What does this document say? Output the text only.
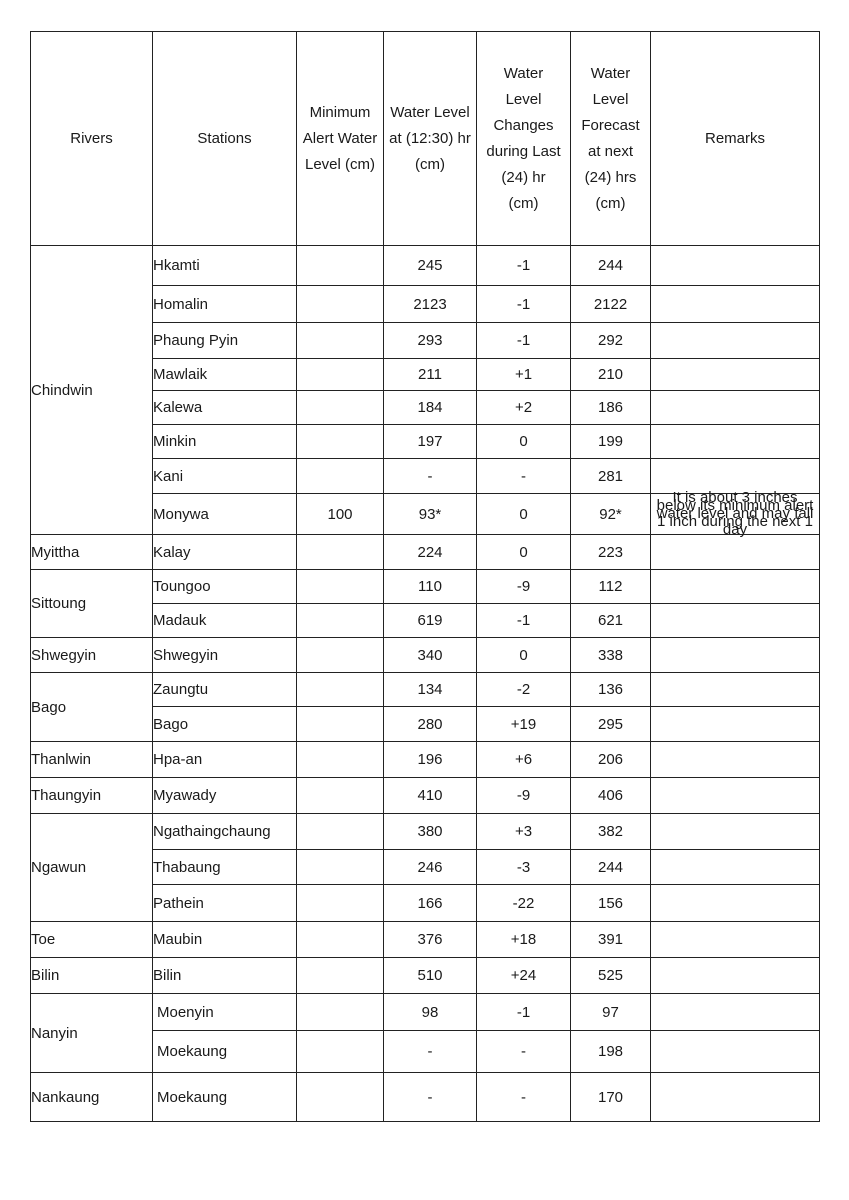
Rivers	Stations	Minimum Alert Water Level (cm)	Water Level at (12:30) hr (cm)	Water Level Changes during Last (24) hr (cm)	Water Level Forecast at next (24) hrs (cm)	Remarks
Chindwin	Hkamti		245	-1	244	
	Homalin		2123	-1	2122	
	Phaung Pyin		293	-1	292	
	Mawlaik		211	+1	210	
	Kalewa		184	+2	186	
	Minkin		197	0	199	
	Kani		-	-	281	
	Monywa	100	93*	0	92*	It is about 3 inches below its minimum alert water level and may fall 1 inch during the next 1 day
Myittha	Kalay		224	0	223	
Sittoung	Toungoo		110	-9	112	
	Madauk		619	-1	621	
Shwegyin	Shwegyin		340	0	338	
Bago	Zaungtu		134	-2	136	
	Bago		280	+19	295	
Thanlwin	Hpa-an		196	+6	206	
Thaungyin	Myawady		410	-9	406	
Ngawun	Ngathaingchaung		380	+3	382	
	Thabaung		246	-3	244	
	Pathein		166	-22	156	
Toe	Maubin		376	+18	391	
Bilin	Bilin		510	+24	525	
Nanyin	Moenyin		98	-1	97	
	Moekaung		-	-	198	
Nankaung	Moekaung		-	-	170	
